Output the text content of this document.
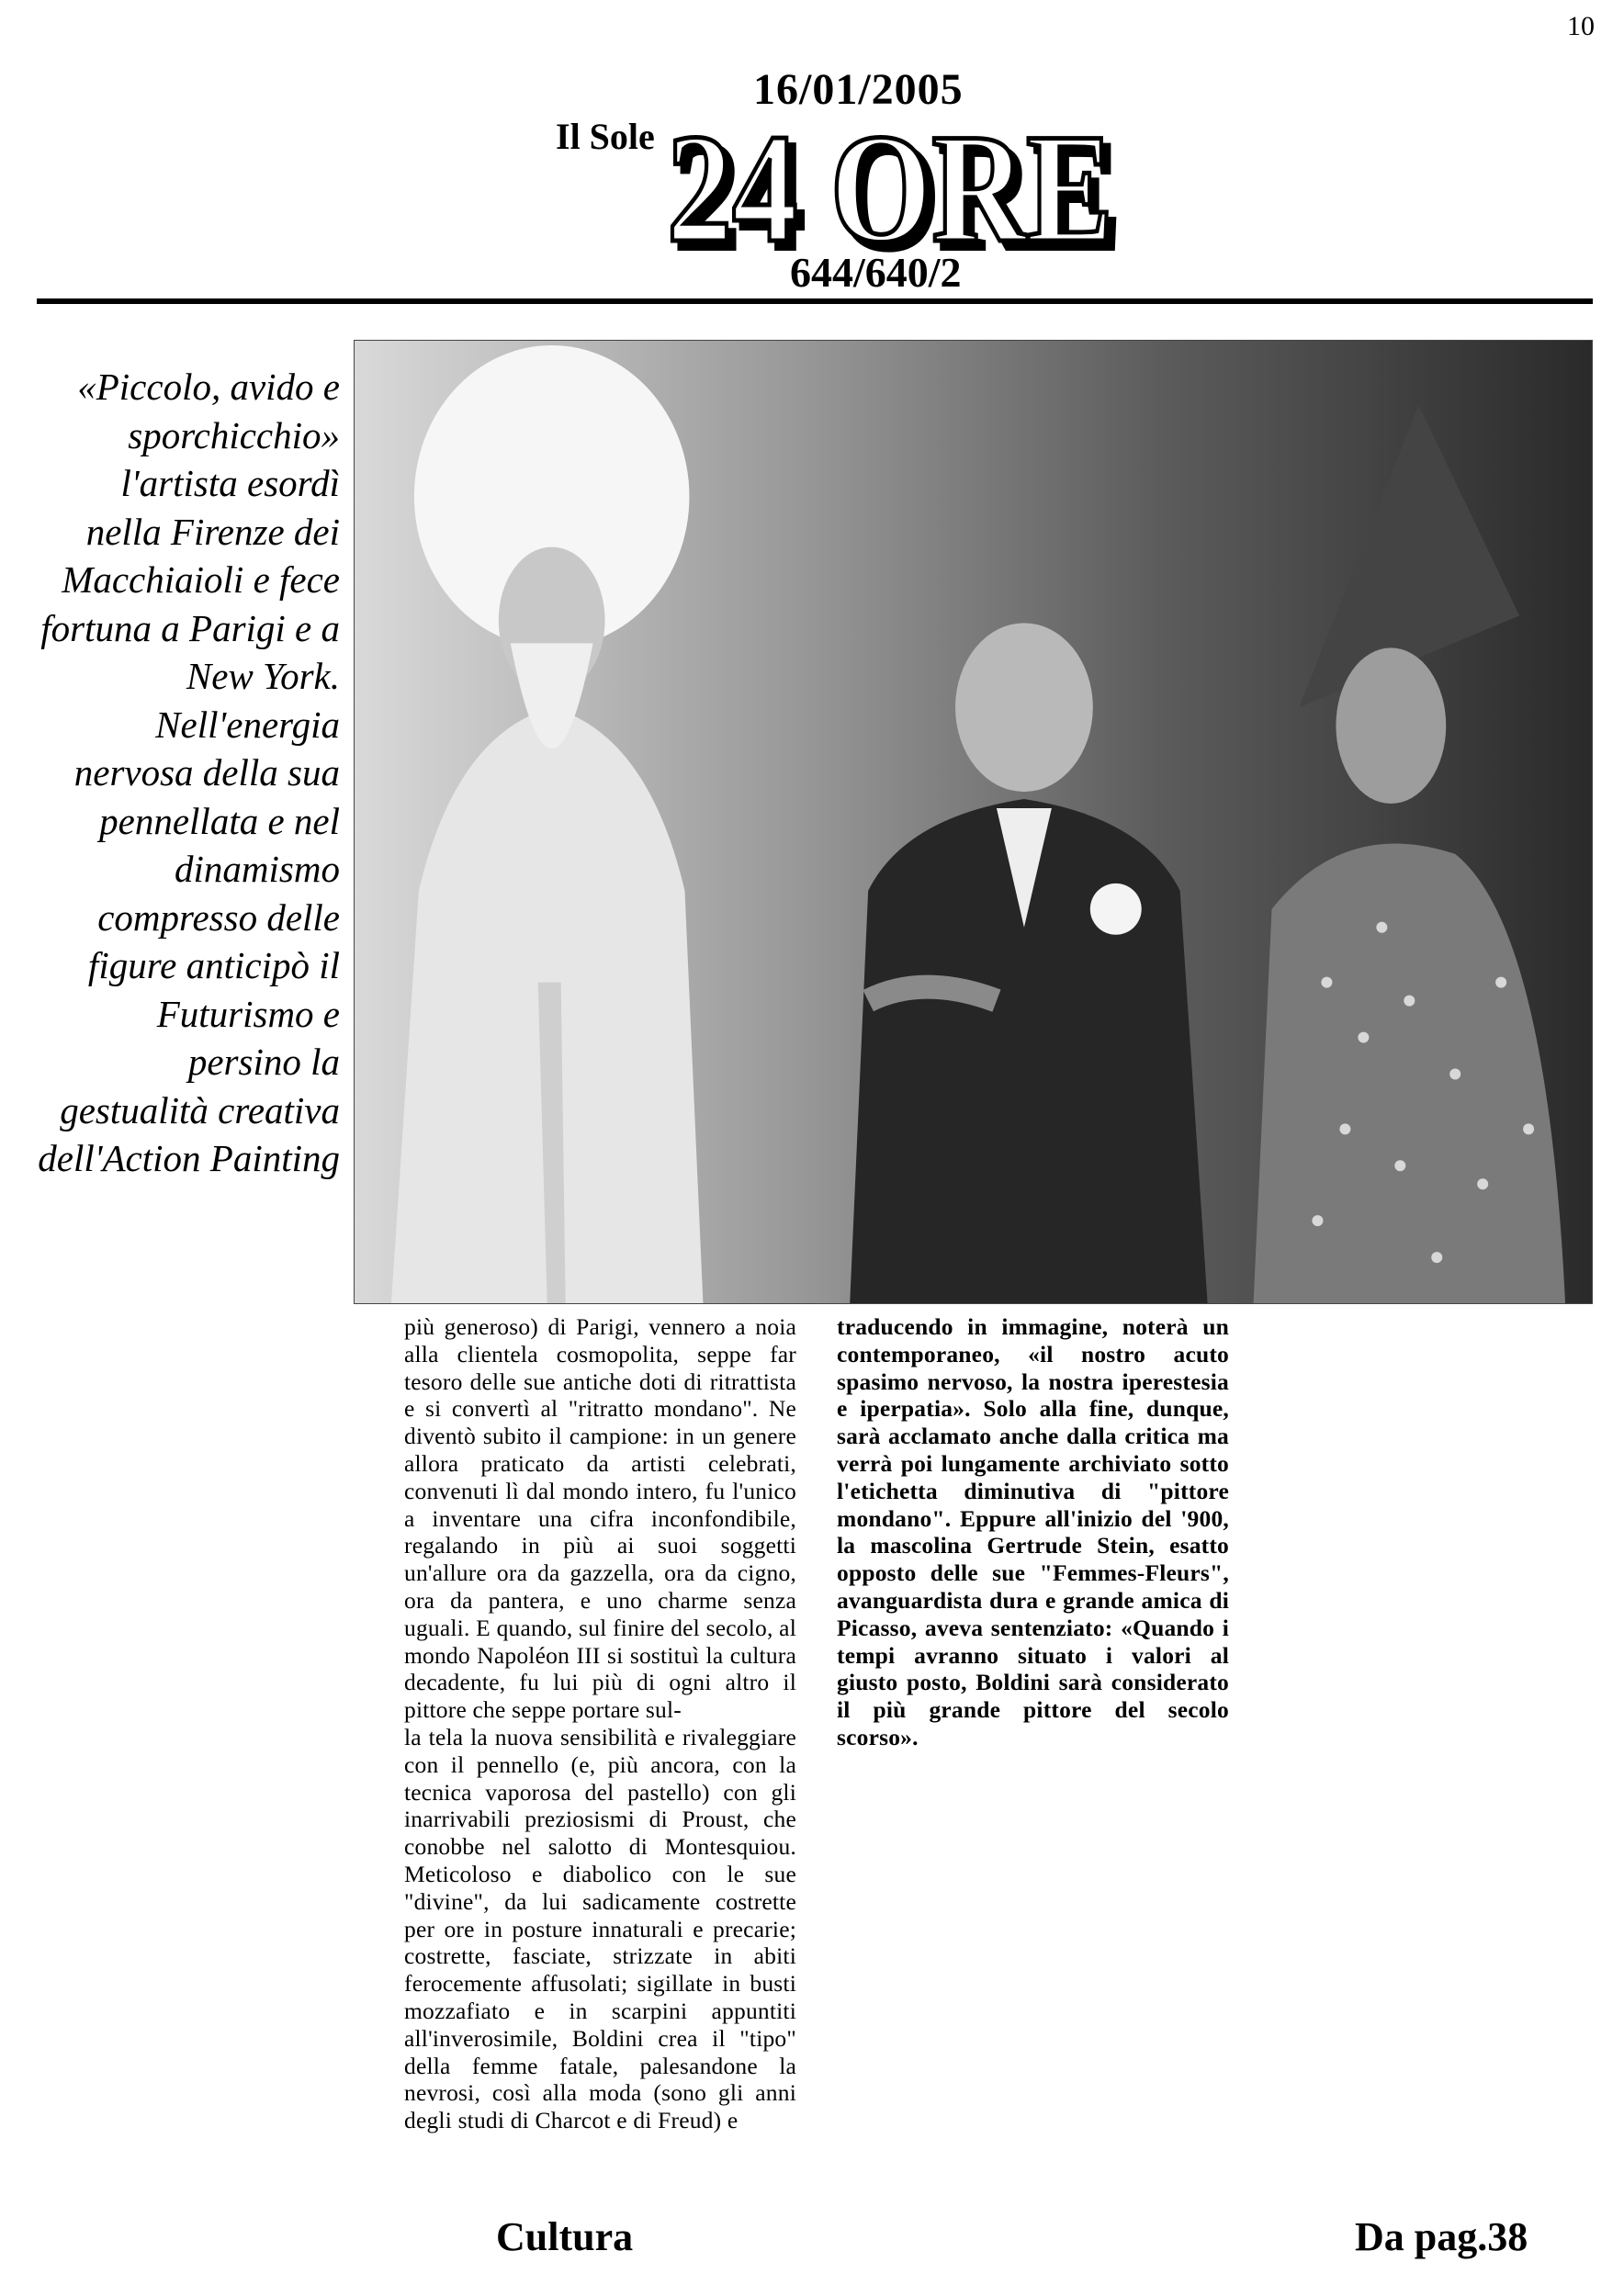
10
16/01/2005
Il Sole 24 ORE
24 ORE
644/640/2
«Piccolo, avido e sporchicchio» l'artista esordì nella Firenze dei Macchiaioli e fece fortuna a Parigi e a New York. Nell'energia nervosa della sua pennellata e nel dinamismo compresso delle figure anticipò il Futurismo e persino la gestualità creativa dell'Action Painting

più generoso) di Parigi, vennero a noia alla clientela cosmopolita, seppe far tesoro delle sue antiche doti di ritrattista e si convertì al "ritratto mondano". Ne diventò subito il campione: in un genere allora praticato da artisti celebrati, convenuti lì dal mondo intero, fu l'unico a inventare una cifra inconfondibile, regalando in più ai suoi soggetti un'allure ora da gazzella, ora da cigno, ora da pantera, e uno charme senza uguali. E quando, sul finire del secolo, al mondo Napoléon III si sostituì la cultura decadente, fu lui più di ogni altro il pittore che seppe portare sul-

la tela la nuova sensibilità e rivaleggiare con il pennello (e, più ancora, con la tecnica vaporosa del pastello) con gli inarrivabili preziosismi di Proust, che conobbe nel salotto di Montesquiou. Meticoloso e diabolico con le sue "divine", da lui sadicamente costrette per ore in posture innaturali e precarie; costrette, fasciate, strizzate in abiti ferocemente affusolati; sigillate in busti mozzafiato e in scarpini appuntiti all'inverosimile, Boldini crea il "tipo" della femme fatale, palesandone la nevrosi, così alla moda (sono gli anni degli studi di Charcot e di Freud) e

traducendo in immagine, noterà un contemporaneo, «il nostro acuto spasimo nervoso, la nostra iperestesia e iperpatia». Solo alla fine, dunque, sarà acclamato anche dalla critica ma verrà poi lungamente archiviato sotto l'etichetta diminutiva di "pittore mondano". Eppure all'inizio del '900, la mascolina Gertrude Stein, esatto opposto delle sue "Femmes-Fleurs", avanguardista dura e grande amica di Picasso, aveva sentenziato: «Quando i tempi avranno situato i valori al giusto posto, Boldini sarà considerato il più grande pittore del secolo scorso».

Cultura	Da pag.38
